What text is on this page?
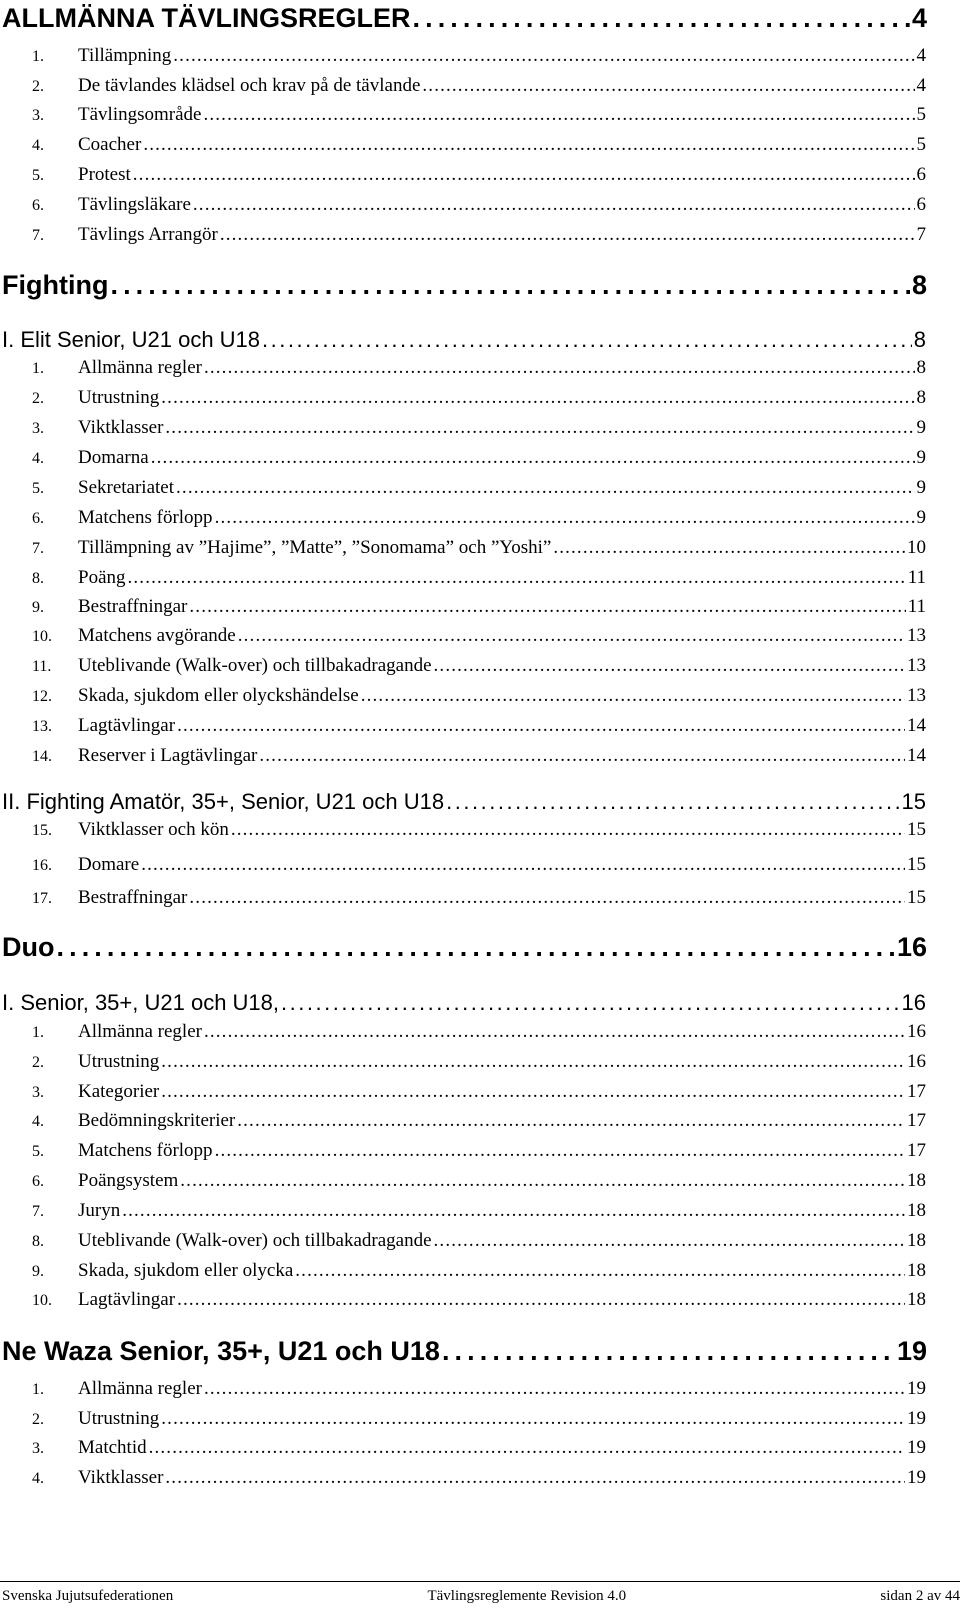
ALLMÄNNA TÄVLINGSREGLER . . .	4
1.	Tillämpning . . .	4
2.	De tävlandes klädsel och krav på de tävlande . . .	4
3.	Tävlingsområde . . .	5
4.	Coacher . . .	5
5.	Protest . . .	6
6.	Tävlingsläkare . . .	6
7.	Tävlings Arrangör . . .	7
Fighting . . .	8
I. Elit Senior, U21 och U18 . . .	8
1.	Allmänna regler . . .	8
2.	Utrustning . . .	8
3.	Viktklasser . . .	9
4.	Domarna . . .	9
5.	Sekretariatet . . .	9
6.	Matchens förlopp . . .	9
7.	Tillämpning av ”Hajime”, ”Matte”, ”Sonomama” och ”Yoshi” . . .	10
8.	Poäng . . .	11
9.	Bestraffningar . . .	11
10.	Matchens avgörande . . .	13
11.	Uteblivande (Walk-over) och tillbakadragande . . .	13
12.	Skada, sjukdom eller olyckshändelse . . .	13
13.	Lagtävlingar . . .	14
14.	Reserver i Lagtävlingar . . .	14
II. Fighting Amatör, 35+, Senior, U21 och U18 . . .	15
15.	Viktklasser och kön . . .	15
16.	Domare . . .	15
17.	Bestraffningar . . .	15
Duo . . .	16
I. Senior, 35+, U21 och U18, . . .	16
1.	Allmänna regler . . .	16
2.	Utrustning . . .	16
3.	Kategorier . . .	17
4.	Bedömningskriterier . . .	17
5.	Matchens förlopp . . .	17
6.	Poängsystem . . .	18
7.	Juryn . . .	18
8.	Uteblivande (Walk-over) och tillbakadragande . . .	18
9.	Skada, sjukdom eller olycka . . .	18
10.	Lagtävlingar . . .	18
Ne Waza Senior, 35+, U21 och U18 . . .	19
1.	Allmänna regler . . .	19
2.	Utrustning . . .	19
3.	Matchtid . . .	19
4.	Viktklasser . . .	19
Svenska Jujutsufederationen	Tävlingsreglemente Revision 4.0	sidan 2 av 44
